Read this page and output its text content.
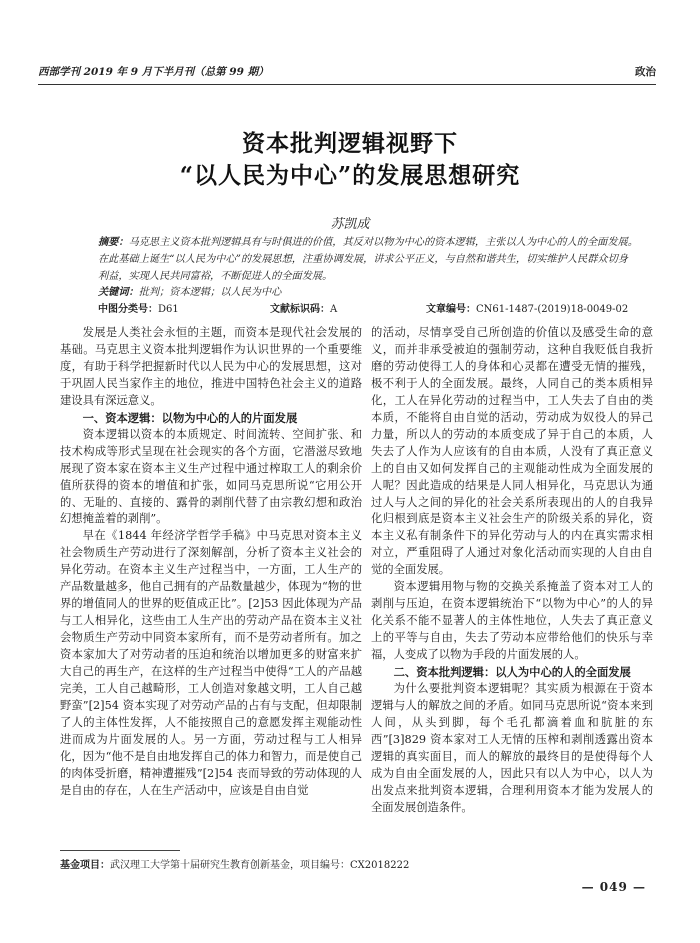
西部学刊 2019 年 9 月下半月刊（总第 99 期）	政治
资本批判逻辑视野下
“以人民为中心”的发展思想研究
苏凯成

摘要：马克思主义资本批判逻辑具有与时俱进的价值，其反对以物为中心的资本逻辑，主张以人为中心的人的全面发展。在此基础上诞生“以人民为中心”的发展思想，注重协调发展，讲求公平正义，与自然和谐共生，切实维护人民群众切身利益，实现人民共同富裕，不断促进人的全面发展。

关键词：批判；资本逻辑；以人民为中心
中图分类号：D61	文献标识码：A	文章编号：CN61-1487-(2019)18-0049-02

发展是人类社会永恒的主题，而资本是现代社会发展的基础。马克思主义资本批判逻辑作为认识世界的一个重要维度，有助于科学把握新时代以人民为中心的发展思想，这对于巩固人民当家作主的地位，推进中国特色社会主义的道路建设具有深远意义。

一、资本逻辑：以物为中心的人的片面发展

资本逻辑以资本的本质规定、时间流转、空间扩张、和技术构成等形式呈现在社会现实的各个方面，它潜滋尽致地展现了资本家在资本主义生产过程中通过榨取工人的剩余价值所获得的资本的增值和扩张，如同马克思所说“它用公开的、无耻的、直接的、露骨的剥削代替了由宗教幻想和政治幻想掩盖着的剥削”。

早在《1844 年经济学哲学手稿》中马克思对资本主义社会物质生产劳动进行了深刻解剖，分析了资本主义社会的异化劳动。在资本主义生产过程当中，一方面，工人生产的产品数量越多，他自己拥有的产品数量越少，体现为“物的世界的增值同人的世界的贬值成正比”。[2]53 因此体现为产品与工人相异化，这些由工人生产出的劳动产品在资本主义社会物质生产劳动中同资本家所有，而不是劳动者所有。加之资本家加大了对劳动者的压迫和统治以增加更多的财富来扩大自己的再生产，在这样的生产过程当中使得“工人的产品越完美，工人自己越畸形，工人创造对象越文明，工人自己越野蛮”[2]54 资本实现了对劳动产品的占有与支配，但却限制了人的主体性发挥，人不能按照自己的意愿发挥主观能动性进而成为片面发展的人。另一方面，劳动过程与工人相异化，因为“他不是自由地发挥自己的体力和智力，而是使自己的肉体受折磨，精神遭摧残”[2]54 丧而导致的劳动体现的人是自由的存在，人在生产活动中，应该是自由自觉

的活动，尽情享受自己所创造的价值以及感受生命的意义，而并非承受被迫的强制劳动，这种自我贬低自我折磨的劳动使得工人的身体和心灵都在遭受无情的摧残，极不利于人的全面发展。最终，人同自己的类本质相异化，工人在异化劳动的过程当中，工人失去了自由的类本质，不能将自由自觉的活动，劳动成为奴役人的异己力量，所以人的劳动的本质变成了异于自己的本质，人失去了人作为人应该有的自由本质，人没有了真正意义上的自由又如何发挥自己的主观能动性成为全面发展的人呢？因此造成的结果是人同人相异化，马克思认为通过人与人之间的异化的社会关系所表现出的人的自我异化归根到底是资本主义社会生产的阶级关系的异化，资本主义私有制条件下的异化劳动与人的内在真实需求相对立，严重阻碍了人通过对象化活动而实现的人自由自觉的全面发展。

资本逻辑用物与物的交换关系掩盖了资本对工人的剥削与压迫，在资本逻辑统治下“以物为中心”的人的异化关系不能不显著人的主体性地位，人失去了真正意义上的平等与自由，失去了劳动本应带给他们的快乐与幸福，人变成了以物为手段的片面发展的人。

二、资本批判逻辑：以人为中心的人的全面发展

为什么要批判资本逻辑呢？其实质为根源在于资本逻辑与人的解放之间的矛盾。如同马克思所说“资本来到人间，从头到脚，每个毛孔都滴着血和肮脏的东西”[3]829 资本家对工人无情的压榨和剥削透露出资本逻辑的真实面目，而人的解放的最终目的是使得每个人成为自由全面发展的人，因此只有以人为中心，以人为出发点来批判资本逻辑，合理利用资本才能为发展人的全面发展创造条件。

基金项目：武汉理工大学第十届研究生教育创新基金，项目编号：CX2018222
— 049 —
